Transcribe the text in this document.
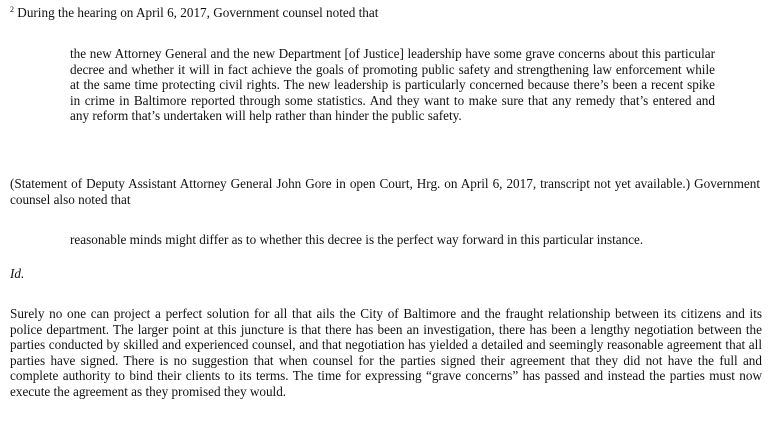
$^2$ During the hearing on April 6, 2017, Government counsel noted that

the new Attorney General and the new Department [of Justice] leadership have some grave concerns about this particular decree and whether it will in fact achieve the goals of promoting public safety and strengthening law enforcement while at the same time protecting civil rights. The new leadership is particularly concerned because there’s been a recent spike in crime in Baltimore reported through some statistics. And they want to make sure that any remedy that’s entered and any reform that’s undertaken will help rather than hinder the public safety.

(Statement of Deputy Assistant Attorney General John Gore in open Court, Hrg. on April 6, 2017, transcript not yet available.) Government counsel also noted that

reasonable minds might differ as to whether this decree is the perfect way forward in this particular instance.

Id.

Surely no one can project a perfect solution for all that ails the City of Baltimore and the fraught relationship between its citizens and its police department. The larger point at this juncture is that there has been an investigation, there has been a lengthy negotiation between the parties conducted by skilled and experienced counsel, and that negotiation has yielded a detailed and seemingly reasonable agreement that all parties have signed. There is no suggestion that when counsel for the parties signed their agreement that they did not have the full and complete authority to bind their clients to its terms. The time for expressing “grave concerns” has passed and instead the parties must now execute the agreement as they promised they would.
